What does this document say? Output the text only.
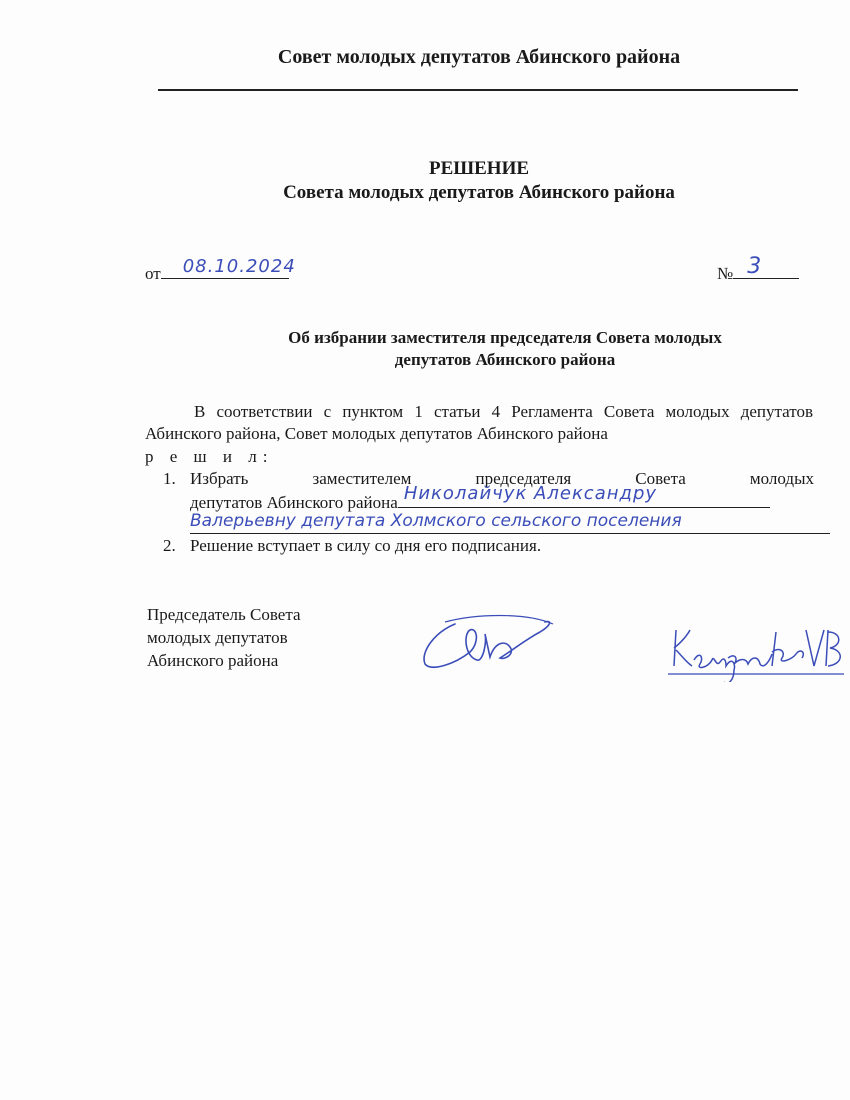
Совет молодых депутатов Абинского района
РЕШЕНИЕ
Совета молодых депутатов Абинского района
от 08.10.2024	№ 3
Об избрании заместителя председателя Совета молодых
депутатов Абинского района
В соответствии с пунктом 1 статьи 4 Регламента Совета молодых депутатов Абинского района, Совет молодых депутатов Абинского района
р е ш и л:
1. Избрать	заместителем	председателя	Совета	молодых
депутатов Абинского района Николайчук Александру
Валерьевну депутата Холмского сельского поселения
2. Решение вступает в силу со дня его подписания.
Председатель Совета
молодых депутатов
Абинского района
